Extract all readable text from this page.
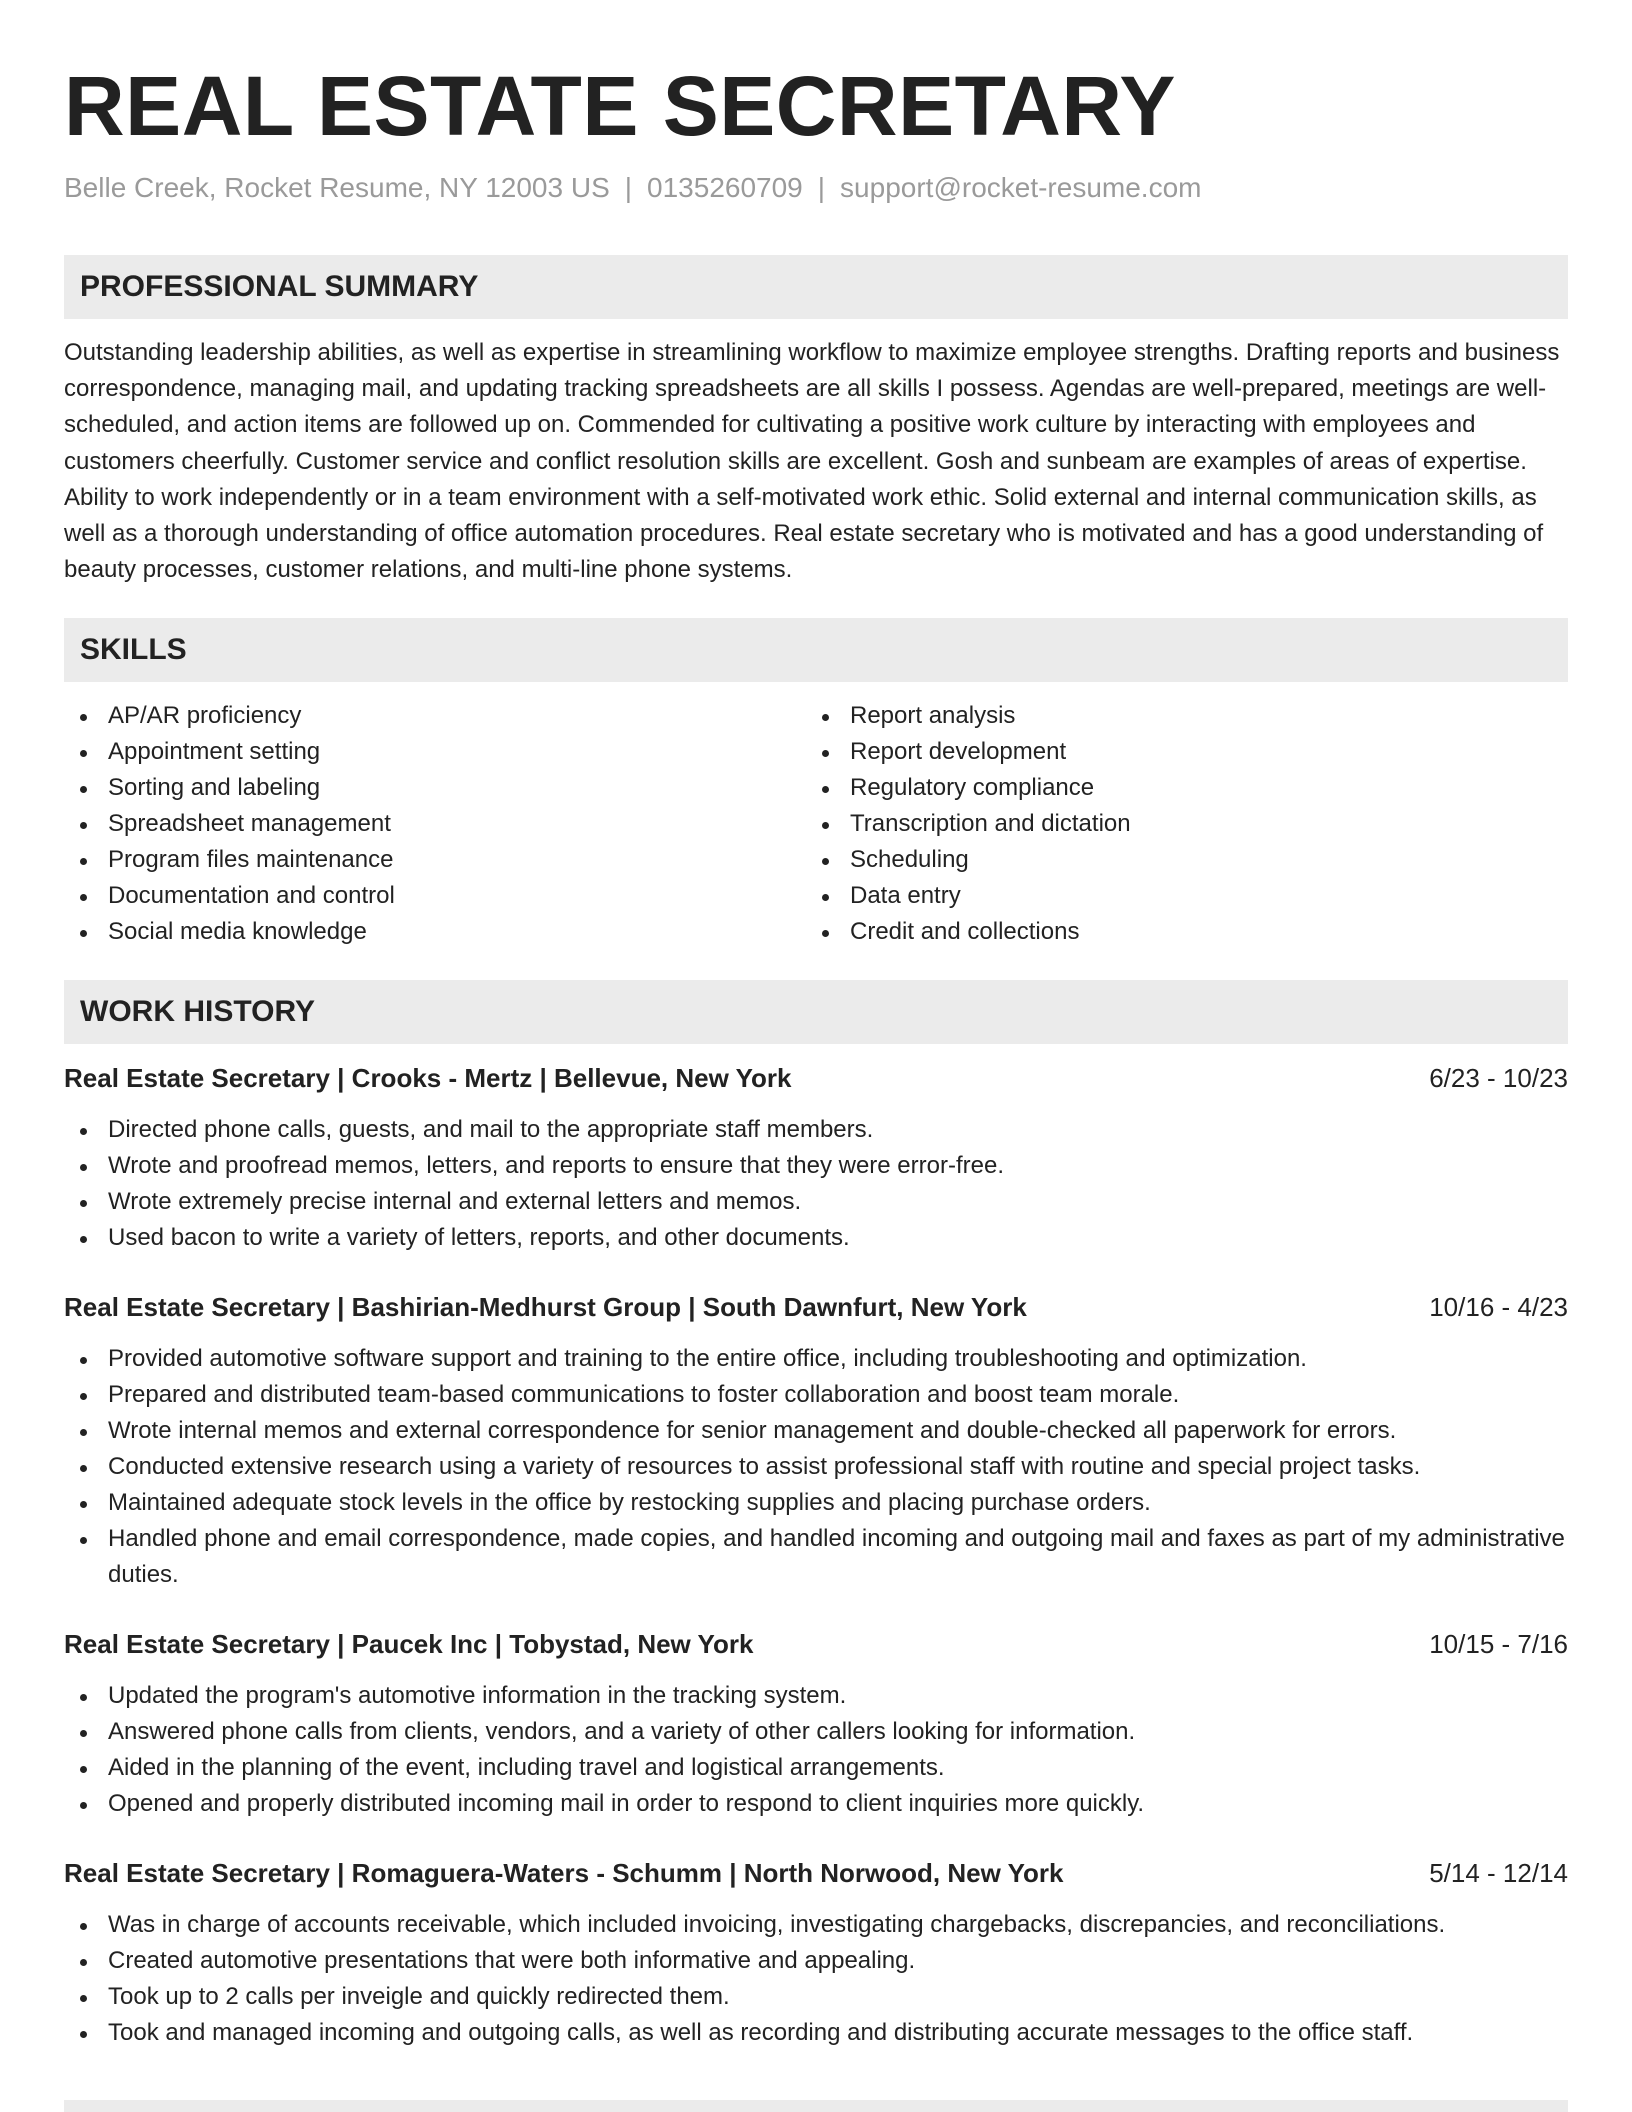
REAL ESTATE SECRETARY
Belle Creek, Rocket Resume, NY 12003 US | 0135260709 | support@rocket-resume.com
PROFESSIONAL SUMMARY
Outstanding leadership abilities, as well as expertise in streamlining workflow to maximize employee strengths. Drafting reports and business correspondence, managing mail, and updating tracking spreadsheets are all skills I possess. Agendas are well-prepared, meetings are well-scheduled, and action items are followed up on. Commended for cultivating a positive work culture by interacting with employees and customers cheerfully. Customer service and conflict resolution skills are excellent. Gosh and sunbeam are examples of areas of expertise. Ability to work independently or in a team environment with a self-motivated work ethic. Solid external and internal communication skills, as well as a thorough understanding of office automation procedures. Real estate secretary who is motivated and has a good understanding of beauty processes, customer relations, and multi-line phone systems.
SKILLS
AP/AR proficiency
Appointment setting
Sorting and labeling
Spreadsheet management
Program files maintenance
Documentation and control
Social media knowledge
Report analysis
Report development
Regulatory compliance
Transcription and dictation
Scheduling
Data entry
Credit and collections
WORK HISTORY
Real Estate Secretary | Crooks - Mertz | Bellevue, New York	6/23 - 10/23
Directed phone calls, guests, and mail to the appropriate staff members.
Wrote and proofread memos, letters, and reports to ensure that they were error-free.
Wrote extremely precise internal and external letters and memos.
Used bacon to write a variety of letters, reports, and other documents.
Real Estate Secretary | Bashirian-Medhurst Group | South Dawnfurt, New York	10/16 - 4/23
Provided automotive software support and training to the entire office, including troubleshooting and optimization.
Prepared and distributed team-based communications to foster collaboration and boost team morale.
Wrote internal memos and external correspondence for senior management and double-checked all paperwork for errors.
Conducted extensive research using a variety of resources to assist professional staff with routine and special project tasks.
Maintained adequate stock levels in the office by restocking supplies and placing purchase orders.
Handled phone and email correspondence, made copies, and handled incoming and outgoing mail and faxes as part of my administrative duties.
Real Estate Secretary | Paucek Inc | Tobystad, New York	10/15 - 7/16
Updated the program's automotive information in the tracking system.
Answered phone calls from clients, vendors, and a variety of other callers looking for information.
Aided in the planning of the event, including travel and logistical arrangements.
Opened and properly distributed incoming mail in order to respond to client inquiries more quickly.
Real Estate Secretary | Romaguera-Waters - Schumm | North Norwood, New York	5/14 - 12/14
Was in charge of accounts receivable, which included invoicing, investigating chargebacks, discrepancies, and reconciliations.
Created automotive presentations that were both informative and appealing.
Took up to 2 calls per inveigle and quickly redirected them.
Took and managed incoming and outgoing calls, as well as recording and distributing accurate messages to the office staff.
